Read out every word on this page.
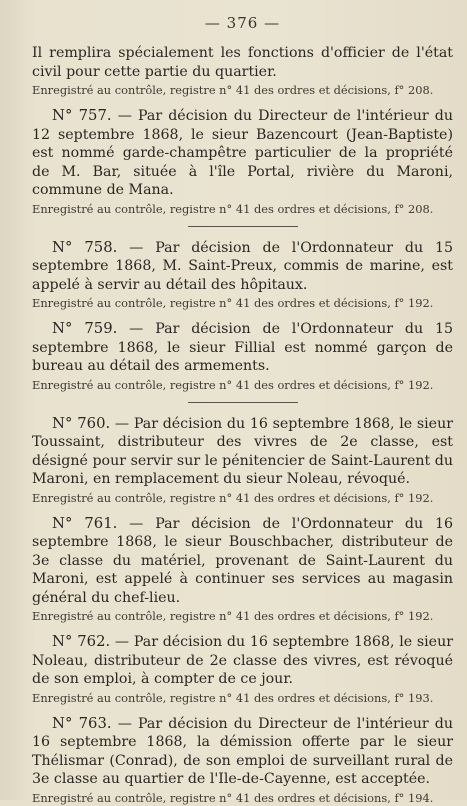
— 376 —

Il remplira spécialement les fonctions d'officier de l'état civil pour cette partie du quartier.

Enregistré au contrôle, registre n° 41 des ordres et décisions, f° 208.

N° 757. — Par décision du Directeur de l'intérieur du 12 septembre 1868, le sieur Bazencourt (Jean-Baptiste) est nommé garde-champêtre particulier de la propriété de M. Bar, située à l'île Portal, rivière du Maroni, commune de Mana.

Enregistré au contrôle, registre n° 41 des ordres et décisions, f° 208.

N° 758. — Par décision de l'Ordonnateur du 15 septembre 1868, M. Saint-Preux, commis de marine, est appelé à servir au détail des hôpitaux.

Enregistré au contrôle, registre n° 41 des ordres et décisions, f° 192.

N° 759. — Par décision de l'Ordonnateur du 15 septembre 1868, le sieur Fillial est nommé garçon de bureau au détail des armements.

Enregistré au contrôle, registre n° 41 des ordres et décisions, f° 192.

N° 760. — Par décision du 16 septembre 1868, le sieur Toussaint, distributeur des vivres de 2e classe, est désigné pour servir sur le pénitencier de Saint-Laurent du Maroni, en remplacement du sieur Noleau, révoqué.

Enregistré au contrôle, registre n° 41 des ordres et décisions, f° 192.

N° 761. — Par décision de l'Ordonnateur du 16 septembre 1868, le sieur Bouschbacher, distributeur de 3e classe du matériel, provenant de Saint-Laurent du Maroni, est appelé à continuer ses services au magasin général du chef-lieu.

Enregistré au contrôle, registre n° 41 des ordres et décisions, f° 192.

N° 762. — Par décision du 16 septembre 1868, le sieur Noleau, distributeur de 2e classe des vivres, est révoqué de son emploi, à compter de ce jour.

Enregistré au contrôle, registre n° 41 des ordres et décisions, f° 193.

N° 763. — Par décision du Directeur de l'intérieur du 16 septembre 1868, la démission offerte par le sieur Thélismar (Conrad), de son emploi de surveillant rural de 3e classe au quartier de l'Ile-de-Cayenne, est acceptée.

Enregistré au contrôle, registre n° 41 des ordres et décisions, f° 194.
